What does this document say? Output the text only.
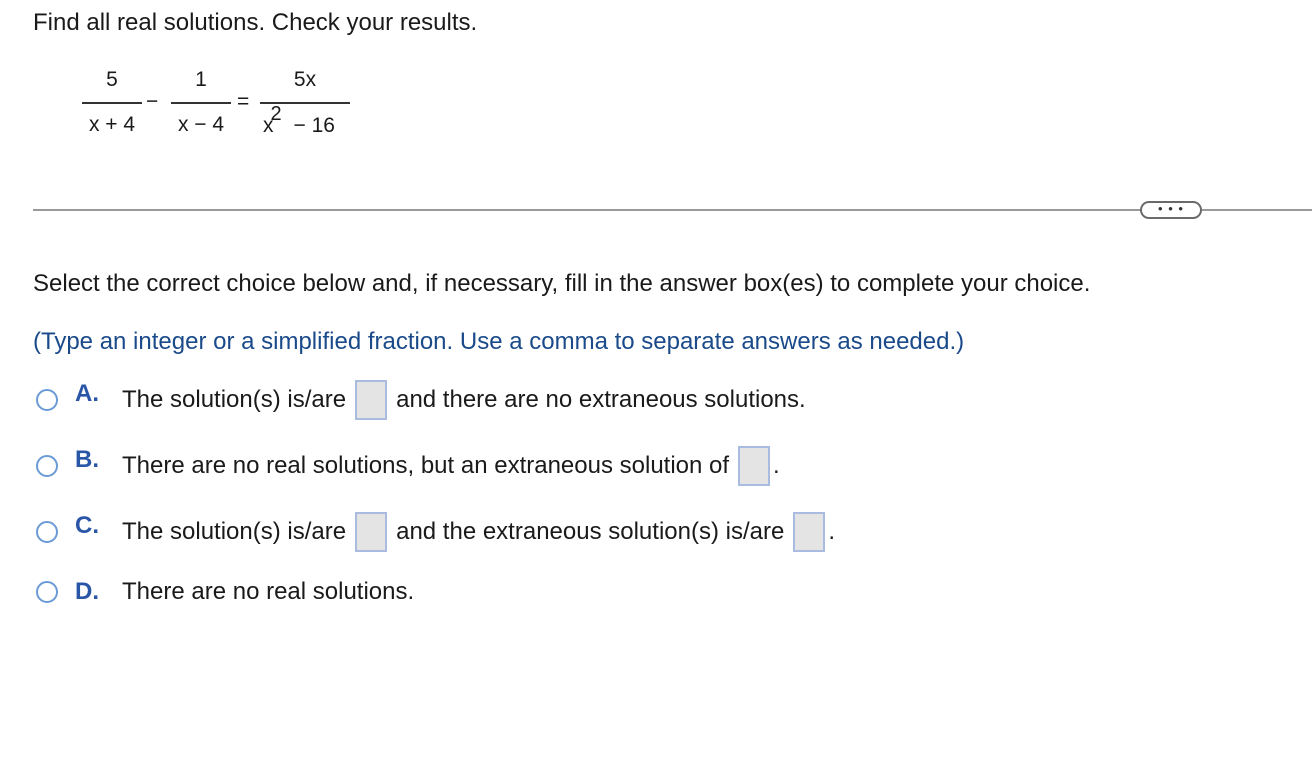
Find all real solutions. Check your results.
5
x + 4
−
1
x − 4
=
5x
x2 − 16
• • •
Select the correct choice below and, if necessary, fill in the answer box(es) to complete your choice.
(Type an integer or a simplified fraction. Use a comma to separate answers as needed.)
A. The solution(s) is/are and there are no extraneous solutions.
B. There are no real solutions, but an extraneous solution of .
C. The solution(s) is/are and the extraneous solution(s) is/are .
D. There are no real solutions.
